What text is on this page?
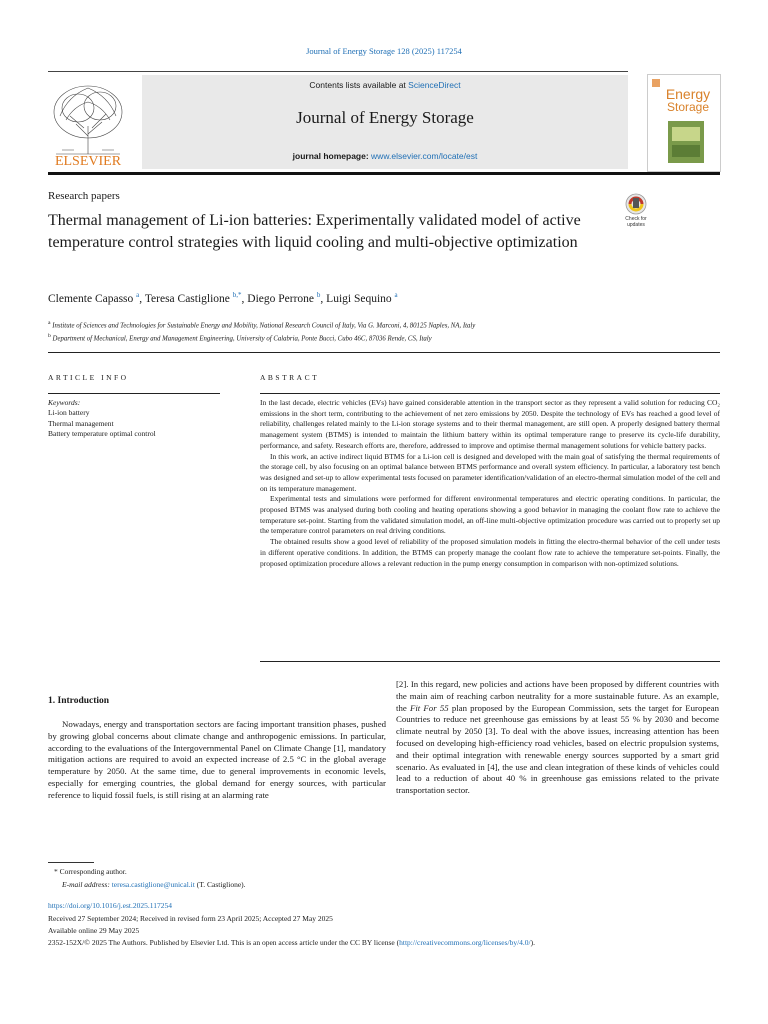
Journal of Energy Storage 128 (2025) 117254
ELSEVIER
Contents lists available at ScienceDirect
Journal of Energy Storage
journal homepage: www.elsevier.com/locate/est
Energy
Storage
Research papers
Thermal management of Li-ion batteries: Experimentally validated model of active temperature control strategies with liquid cooling and multi-objective optimization
Check for
updates
Clemente Capasso $^a$, Teresa Castiglione $^{b,*}$, Diego Perrone $^b$, Luigi Sequino $^a$
$^a$ Institute of Sciences and Technologies for Sustainable Energy and Mobility, National Research Council of Italy, Via G. Marconi, 4, 80125 Naples, NA, Italy
$^b$ Department of Mechanical, Energy and Management Engineering, University of Calabria, Ponte Bucci, Cubo 46C, 87036 Rende, CS, Italy
ARTICLE INFO	ABSTRACT
Keywords:
Li-ion battery
Thermal management
Battery temperature optimal control

In the last decade, electric vehicles (EVs) have gained considerable attention in the transport sector as they represent a valid solution for reducing CO₂ emissions in the short term, contributing to the achievement of net zero emissions by 2050. Despite the technology of EVs has reached a good level of reliability, challenges related mainly to the Li-ion storage systems and to their thermal management, are still open. A properly designed battery thermal management system (BTMS) is intended to maintain the lithium battery within its optimal temperature range to preserve its cycle-life durability, performance, and safety. Research efforts are, therefore, addressed to improve and optimise thermal management solutions for vehicle battery packs.

In this work, an active indirect liquid BTMS for a Li-ion cell is designed and developed with the main goal of satisfying the thermal requirements of the storage cell, by also focusing on an optimal balance between BTMS performance and overall system efficiency. In particular, a laboratory test bench was designed and set-up to allow experimental tests focused on parameter identification/validation of an electro-thermal simulation model of the cell and on its temperature management.

Experimental tests and simulations were performed for different environmental temperatures and electric operating conditions. In particular, the proposed BTMS was analysed during both cooling and heating operations showing a good behavior in managing the coolant flow rate to achieve the temperature set-point. Starting from the validated simulation model, an off-line multi-objective optimization procedure was carried out to properly set up the temperature control parameters on real driving conditions.

The obtained results show a good level of reliability of the proposed simulation models in fitting the electro-thermal behavior of the cell under tests in different operative conditions. In addition, the BTMS can properly manage the coolant flow rate to achieve the temperature set-points. Finally, the proposed optimization procedure allows a relevant reduction in the pump energy consumption in comparison with non-optimized solutions.

1. Introduction
Nowadays, energy and transportation sectors are facing important transition phases, pushed by growing global concerns about climate change and anthropogenic emissions. In particular, according to the evaluations of the Intergovernmental Panel on Climate Change [1], mandatory mitigation actions are required to avoid an expected increase of 2.5 °C in the global average temperature by 2050. At the same time, due to general improvements in economic levels, especially for emerging countries, the global demand for energy sources, with particular reference to liquid fossil fuels, is still rising at an alarming rate
[2]. In this regard, new policies and actions have been proposed by different countries with the main aim of reaching carbon neutrality for a more sustainable future. As an example, the Fit For 55 plan proposed by the European Commission, sets the target for European Countries to reduce net greenhouse gas emissions by at least 55 % by 2030 and become climate neutral by 2050 [3]. To deal with the above issues, increasing attention has been focused on developing high-efficiency road vehicles, based on electric propulsion systems, and their optimal integration with renewable energy sources supported by a smart grid scenario. As evaluated in [4], the use and clean integration of these kinds of vehicles could lead to a reduction of about 40 % in greenhouse gas emissions related to the private transportation sector.
* Corresponding author.
E-mail address: teresa.castiglione@unical.it (T. Castiglione).
https://doi.org/10.1016/j.est.2025.117254
Received 27 September 2024; Received in revised form 23 April 2025; Accepted 27 May 2025
Available online 29 May 2025
2352-152X/© 2025 The Authors. Published by Elsevier Ltd. This is an open access article under the CC BY license (http://creativecommons.org/licenses/by/4.0/).
